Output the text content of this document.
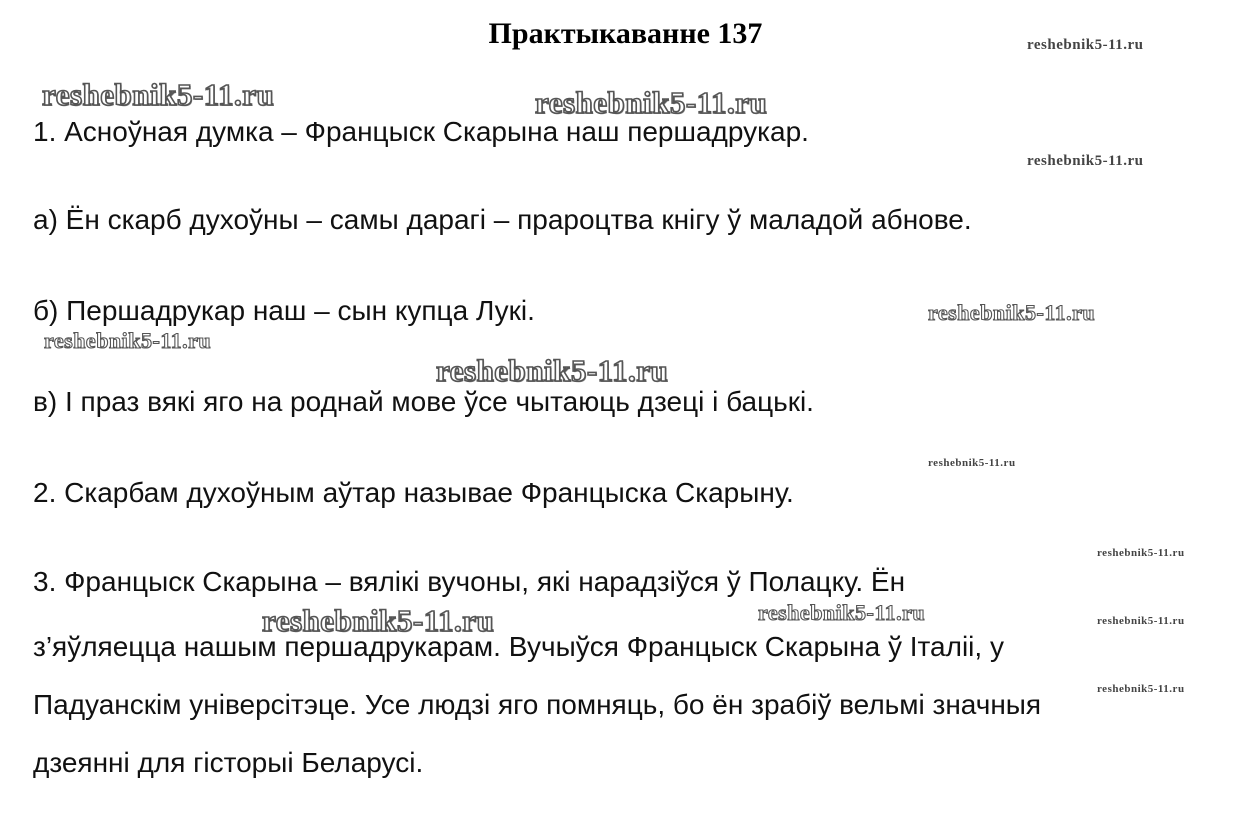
Практыкаванне 137
1. Асноўная думка – Францыск Скарына наш першадрукар.
а) Ён скарб духоўны – самы дарагі – прароцтва кнігу ў маладой абнове.
б) Першадрукар наш – сын купца Лукі.
в) І праз вякі яго на роднай мове ўсе чытаюць дзеці і бацькі.
2. Скарбам духоўным аўтар называе Францыска Скарыну.
3. Францыск Скарына – вялікі вучоны, які нарадзіўся ў Полацку. Ён
з’яўляецца нашым першадрукарам. Вучыўся Францыск Скарына ў Італіі, у
Падуанскім універсітэце. Усе людзі яго помняць, бо ён зрабіў вельмі значныя
дзеянні для гісторыі Беларусі.
reshebnik5-11.ru	reshebnik5-11.ru
reshebnik5-11.ru
reshebnik5-11.ru
reshebnik5-11.ru
reshebnik5-11.ru
reshebnik5-11.ru
reshebnik5-11.ru
reshebnik5-11.ru
reshebnik5-11.ru	reshebnik5-11.ru	reshebnik5-11.ru
reshebnik5-11.ru
